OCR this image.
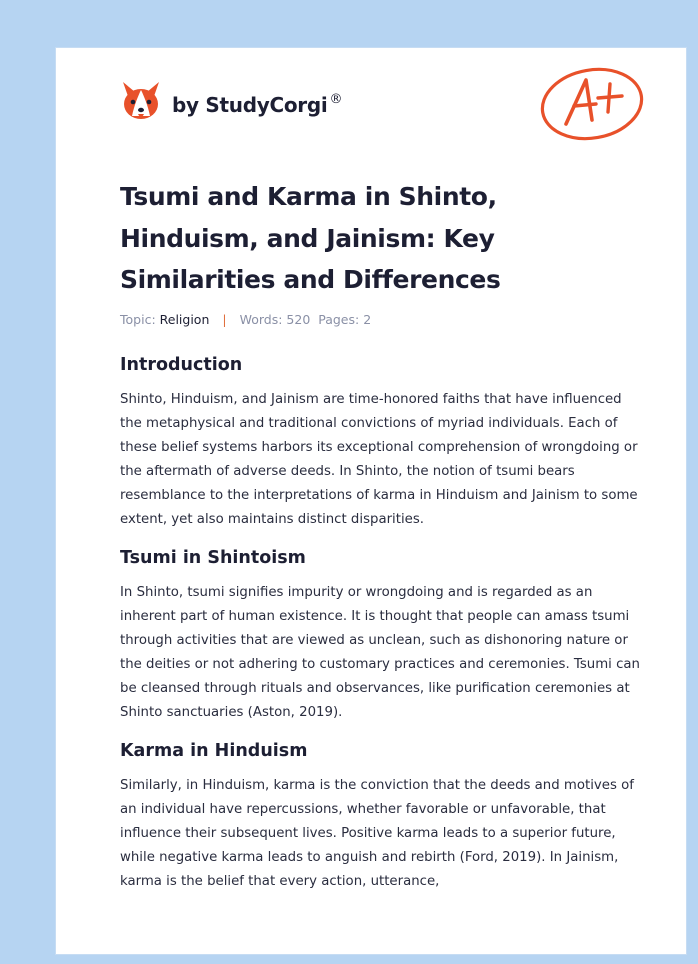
by StudyCorgi ®
Tsumi and Karma in Shinto, Hinduism, and Jainism: Key Similarities and Differences
Topic: Religion | Words: 520 Pages: 2
Introduction

Shinto, Hinduism, and Jainism are time-honored faiths that have influenced the metaphysical and traditional convictions of myriad individuals. Each of these belief systems harbors its exceptional comprehension of wrongdoing or the aftermath of adverse deeds. In Shinto, the notion of tsumi bears resemblance to the interpretations of karma in Hinduism and Jainism to some extent, yet also maintains distinct disparities.

Tsumi in Shintoism

In Shinto, tsumi signifies impurity or wrongdoing and is regarded as an inherent part of human existence. It is thought that people can amass tsumi through activities that are viewed as unclean, such as dishonoring nature or the deities or not adhering to customary practices and ceremonies. Tsumi can be cleansed through rituals and observances, like purification ceremonies at Shinto sanctuaries (Aston, 2019).

Karma in Hinduism

Similarly, in Hinduism, karma is the conviction that the deeds and motives of an individual have repercussions, whether favorable or unfavorable, that influence their subsequent lives. Positive karma leads to a superior future, while negative karma leads to anguish and rebirth (Ford, 2019). In Jainism, karma is the belief that every action, utterance,
